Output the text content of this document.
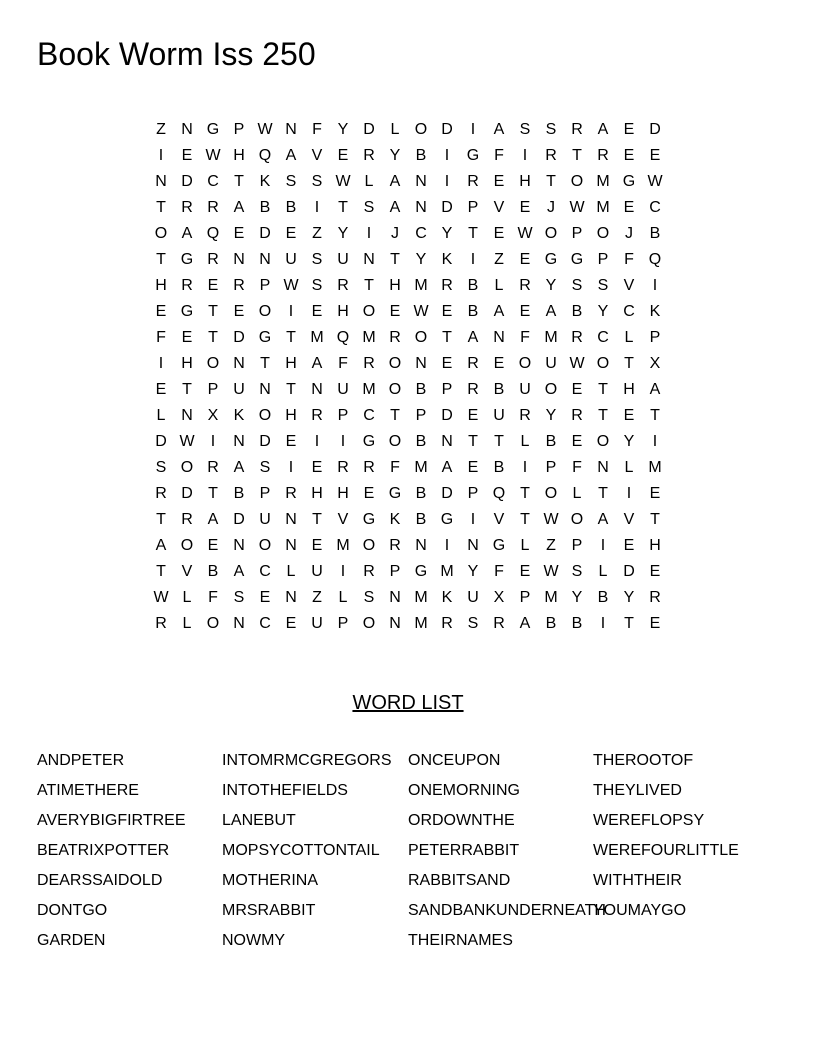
Book Worm Iss 250
Z N G P W N F Y D L O D	I	A S S R A E D
I	E W H Q A V E R Y B	I	G F	I	R T R E E
N D C T K S S W L	A N	I	R E H T O M G W
T R R A B B	I	T S A N D P V E	J W M E C
O A Q E D E Z Y	I	J	C Y T E W O P O J	B
T G R N N U S U N T Y K	I	Z E G G P F Q
H R E R P W S R T H M R B	L R Y S S V	I
E G T E O	I	E H O E W E B A E A B Y C K
F E T D G T M Q M R O T A N F M R C L	P
I	H O N T H A F R O N E R E O U W O T X
E T P U N T N U M O B P R B U O E T H A
L N X K O H R P C T P D E U R Y R T E T
D W	I	N D E	I	I	G O B N T	T	L	B E O Y	I
S O R A S	I	E R R F M A E B	I	P F N L M
R D T B P R H H E G B D P Q T O L	T	I	E
T R A D U N T V G K B G	I	V T W O A V T
A O E N O N E M O R N	I	N G L	Z P	I	E H
T V B A C L U	I	R P G M Y F E W S	L D E
W L	F S E N Z	L	S N M K U X P M Y B Y R
R L O N C E U P O N M R S R A B B	I	T E
WORD LIST
ANDPETER
ATIMETHERE
AVERYBIGFIRTREE
BEATRIXPOTTER
DEARSSAIDOLD
DONTGO
GARDEN
INTOMRMCGREGORS
INTOTHEFIELDS
LANEBUT
MOPSYCOTTONTAIL
MOTHERINA
MRSRABBIT
NOWMY
ONCEUPON
ONEMORNING
ORDOWNTHE
PETERRABBIT
RABBITSAND
SANDBANKUNDERNEATH
THEIRNAMES
THEROOTOF
THEYLIVED
WEREFLOPSY
WEREFOURLITTLE
WITHTHEIR
YOUMAYGO
